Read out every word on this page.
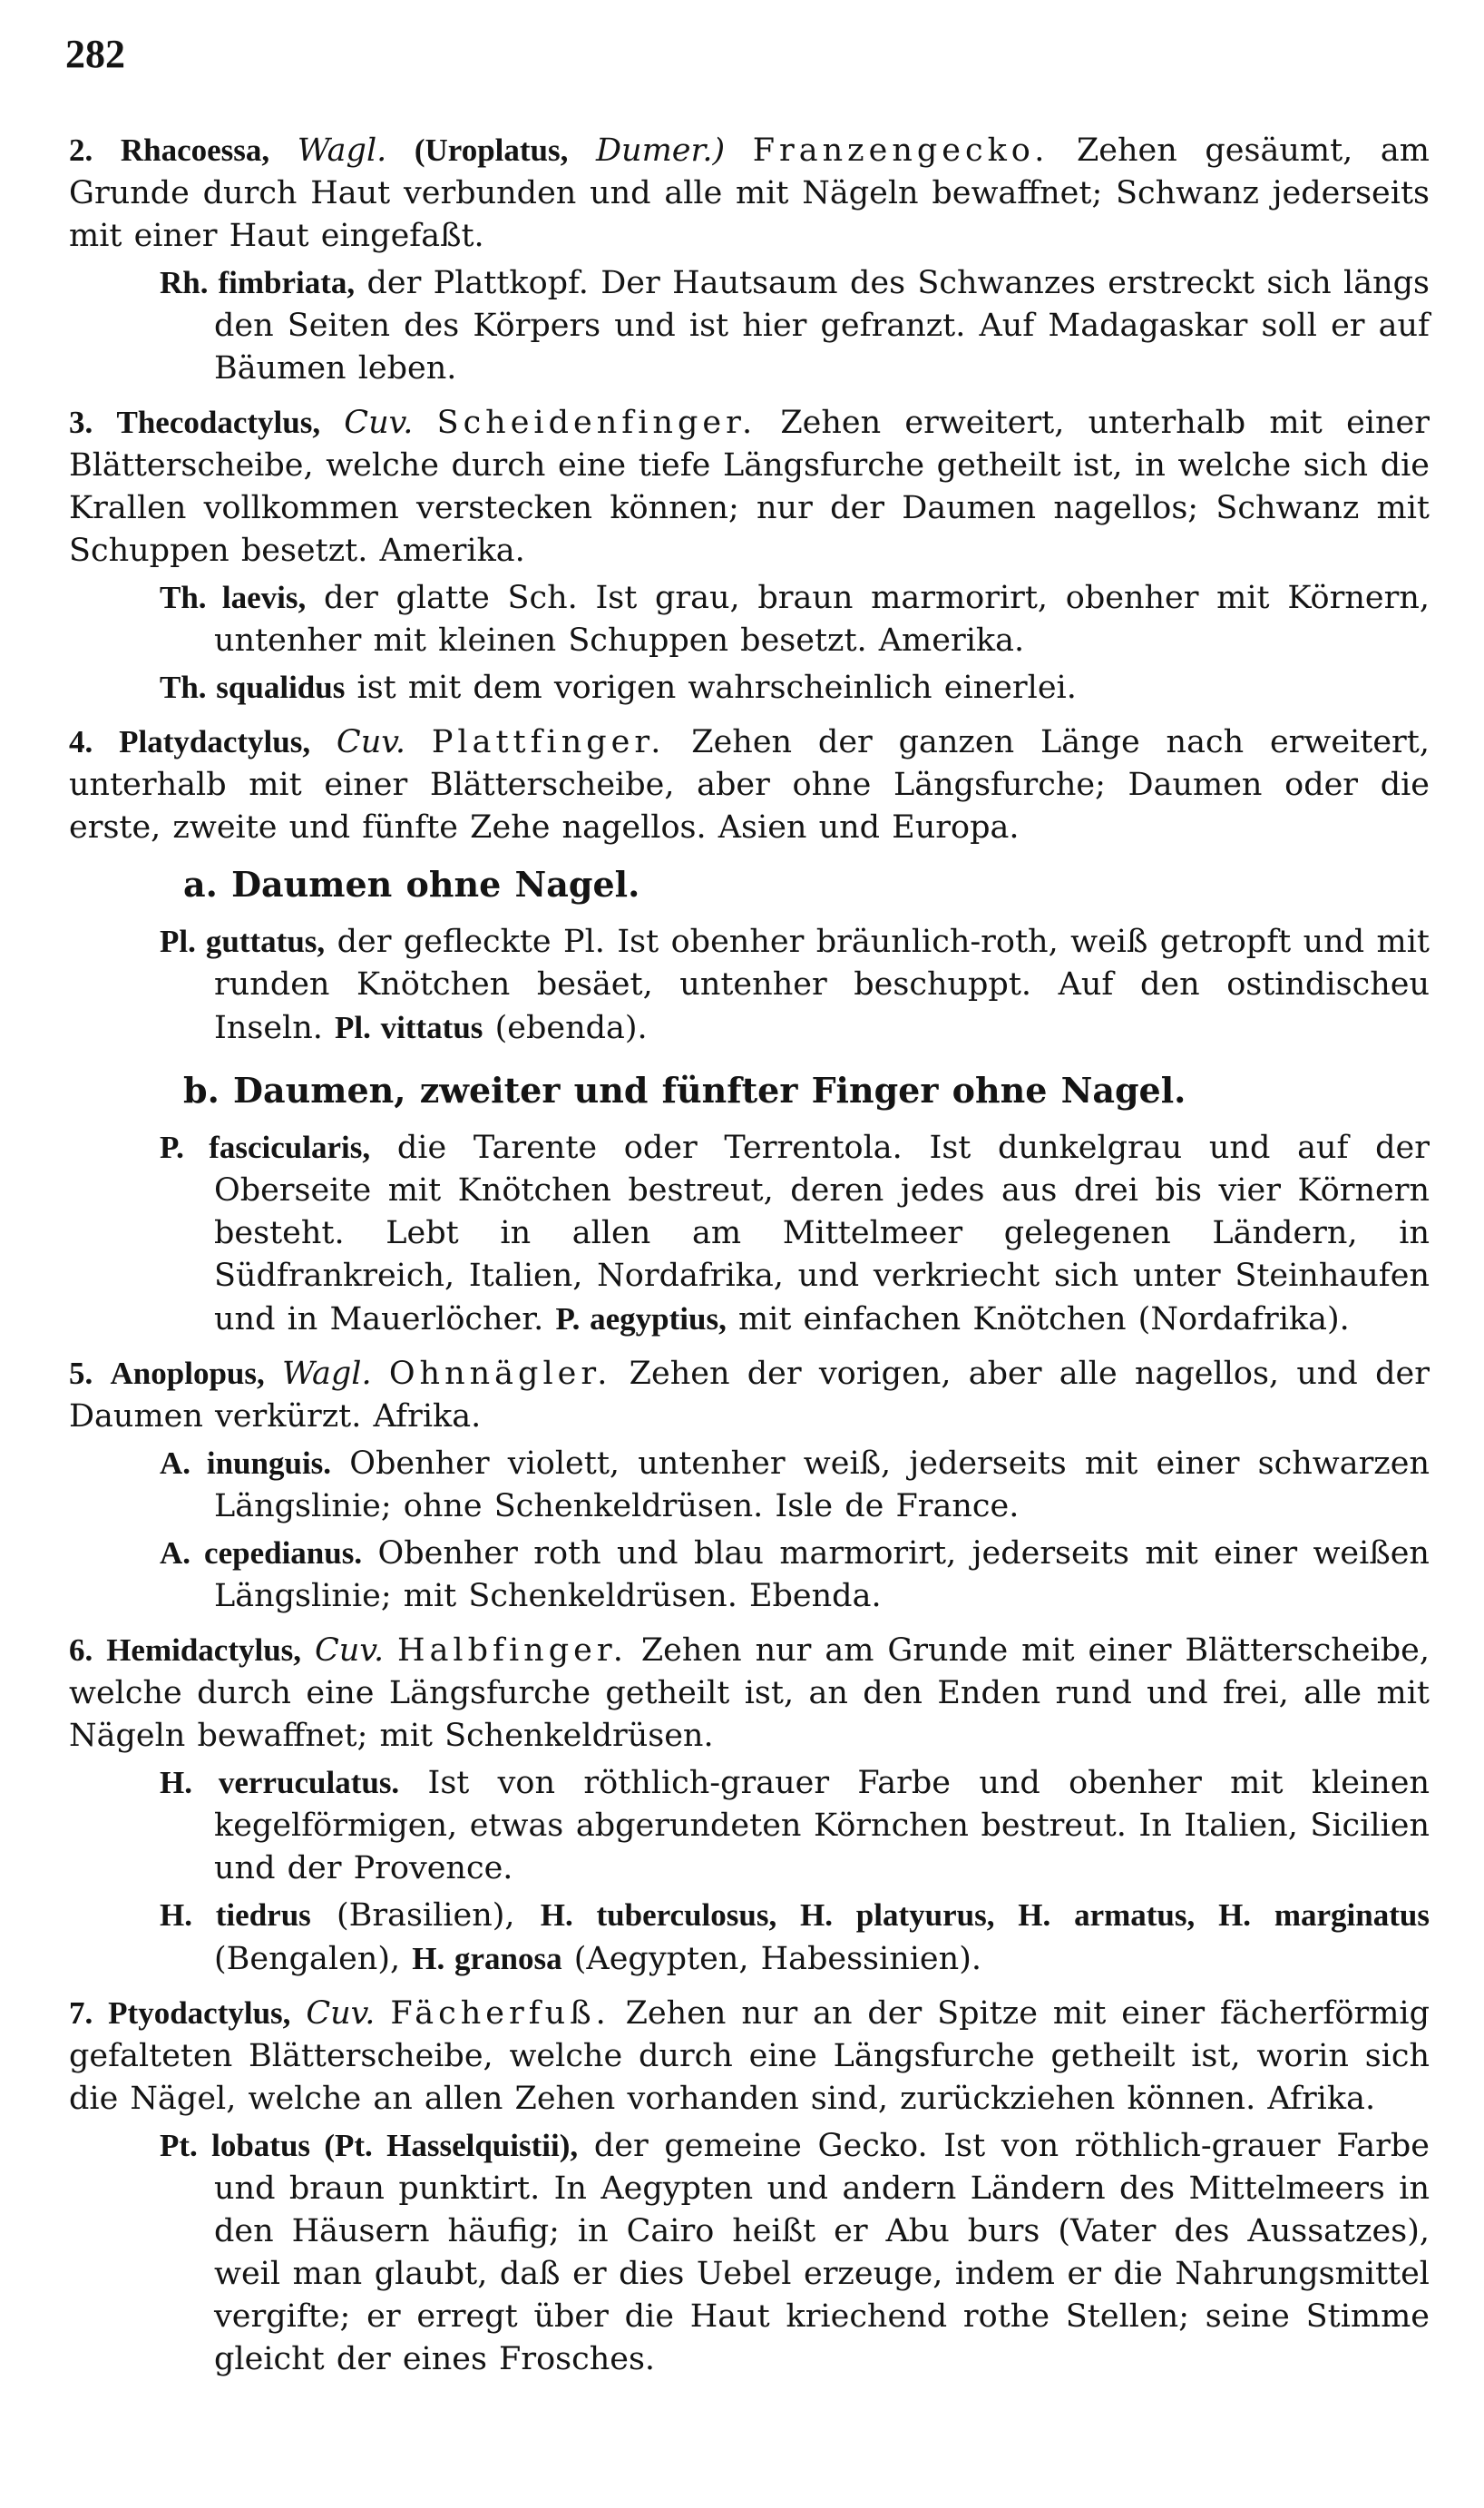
282

2. Rhacoessa, Wagl. (Uroplatus, Dumer.) Franzengecko. Zehen gesäumt, am Grunde durch Haut verbunden und alle mit Nägeln bewaffnet; Schwanz jederseits mit einer Haut eingefaßt.

Rh. fimbriata, der Plattkopf. Der Hautsaum des Schwanzes erstreckt sich längs den Seiten des Körpers und ist hier gefranzt. Auf Madagaskar soll er auf Bäumen leben.

3. Thecodactylus, Cuv. Scheidenfinger. Zehen erweitert, unterhalb mit einer Blätterscheibe, welche durch eine tiefe Längsfurche getheilt ist, in welche sich die Krallen vollkommen verstecken können; nur der Daumen nagellos; Schwanz mit Schuppen besetzt. Amerika.

Th. laevis, der glatte Sch. Ist grau, braun marmorirt, obenher mit Körnern, untenher mit kleinen Schuppen besetzt. Amerika.

Th. squalidus ist mit dem vorigen wahrscheinlich einerlei.

4. Platydactylus, Cuv. Plattfinger. Zehen der ganzen Länge nach erweitert, unterhalb mit einer Blätterscheibe, aber ohne Längsfurche; Daumen oder die erste, zweite und fünfte Zehe nagellos. Asien und Europa.

a. Daumen ohne Nagel.

Pl. guttatus, der gefleckte Pl. Ist obenher bräunlich-roth, weiß getropft und mit runden Knötchen besäet, untenher beschuppt. Auf den ostindischeu Inseln. Pl. vittatus (ebenda).

b. Daumen, zweiter und fünfter Finger ohne Nagel.

P. fascicularis, die Tarente oder Terrentola. Ist dunkelgrau und auf der Oberseite mit Knötchen bestreut, deren jedes aus drei bis vier Körnern besteht. Lebt in allen am Mittelmeer gelegenen Ländern, in Südfrankreich, Italien, Nordafrika, und verkriecht sich unter Steinhaufen und in Mauerlöcher. P. aegyptius, mit einfachen Knötchen (Nordafrika).

5. Anoplopus, Wagl. Ohnnägler. Zehen der vorigen, aber alle nagellos, und der Daumen verkürzt. Afrika.

A. inunguis. Obenher violett, untenher weiß, jederseits mit einer schwarzen Längslinie; ohne Schenkeldrüsen. Isle de France.

A. cepedianus. Obenher roth und blau marmorirt, jederseits mit einer weißen Längslinie; mit Schenkeldrüsen. Ebenda.

6. Hemidactylus, Cuv. Halbfinger. Zehen nur am Grunde mit einer Blätterscheibe, welche durch eine Längsfurche getheilt ist, an den Enden rund und frei, alle mit Nägeln bewaffnet; mit Schenkeldrüsen.

H. verruculatus. Ist von röthlich-grauer Farbe und obenher mit kleinen kegelförmigen, etwas abgerundeten Körnchen bestreut. In Italien, Sicilien und der Provence.

H. tiedrus (Brasilien), H. tuberculosus, H. platyurus, H. armatus, H. marginatus (Bengalen), H. granosa (Aegypten, Habessinien).

7. Ptyodactylus, Cuv. Fächerfuß. Zehen nur an der Spitze mit einer fächerförmig gefalteten Blätterscheibe, welche durch eine Längsfurche getheilt ist, worin sich die Nägel, welche an allen Zehen vorhanden sind, zurückziehen können. Afrika.

Pt. lobatus (Pt. Hasselquistii), der gemeine Gecko. Ist von röthlich-grauer Farbe und braun punktirt. In Aegypten und andern Ländern des Mittelmeers in den Häusern häufig; in Cairo heißt er Abu burs (Vater des Aussatzes), weil man glaubt, daß er dies Uebel erzeuge, indem er die Nahrungsmittel vergifte; er erregt über die Haut kriechend rothe Stellen; seine Stimme gleicht der eines Frosches.
